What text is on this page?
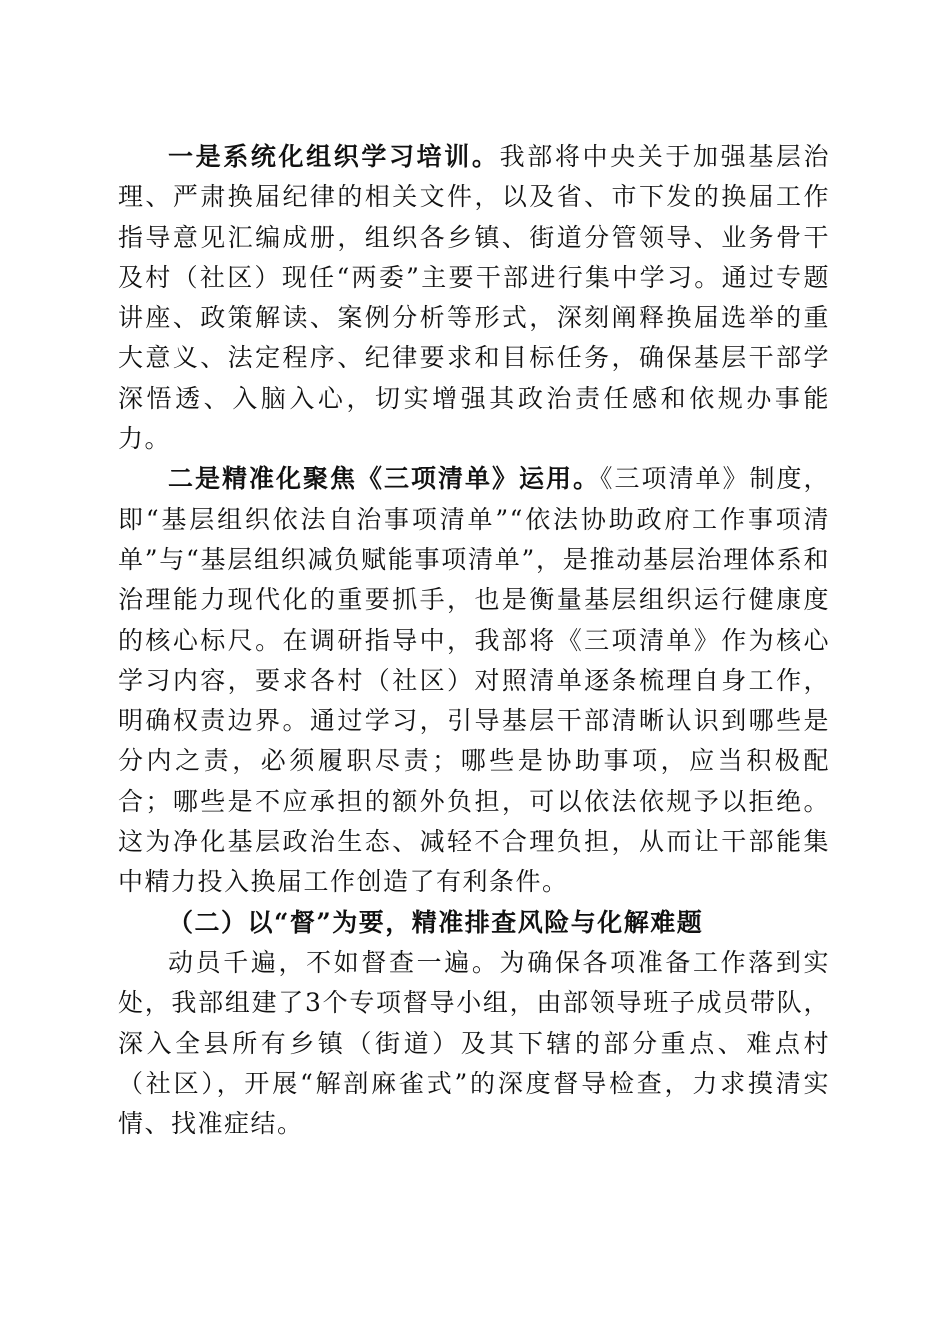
一是系统化组织学习培训。我部将中央关于加强基层治理、严肃换届纪律的相关文件，以及省、市下发的换届工作指导意见汇编成册，组织各乡镇、街道分管领导、业务骨干及村（社区）现任“两委”主要干部进行集中学习。通过专题讲座、政策解读、案例分析等形式，深刻阐释换届选举的重大意义、法定程序、纪律要求和目标任务，确保基层干部学深悟透、入脑入心，切实增强其政治责任感和依规办事能力。

二是精准化聚焦《三项清单》运用。《三项清单》制度，即“基层组织依法自治事项清单”“依法协助政府工作事项清单”与“基层组织减负赋能事项清单”，是推动基层治理体系和治理能力现代化的重要抓手，也是衡量基层组织运行健康度的核心标尺。在调研指导中，我部将《三项清单》作为核心学习内容，要求各村（社区）对照清单逐条梳理自身工作，明确权责边界。通过学习，引导基层干部清晰认识到哪些是分内之责，必须履职尽责；哪些是协助事项，应当积极配合；哪些是不应承担的额外负担，可以依法依规予以拒绝。这为净化基层政治生态、减轻不合理负担，从而让干部能集中精力投入换届工作创造了有利条件。

（二）以“督”为要，精准排查风险与化解难题

动员千遍，不如督查一遍。为确保各项准备工作落到实处，我部组建了3个专项督导小组，由部领导班子成员带队，深入全县所有乡镇（街道）及其下辖的部分重点、难点村（社区），开展“解剖麻雀式”的深度督导检查，力求摸清实情、找准症结。
